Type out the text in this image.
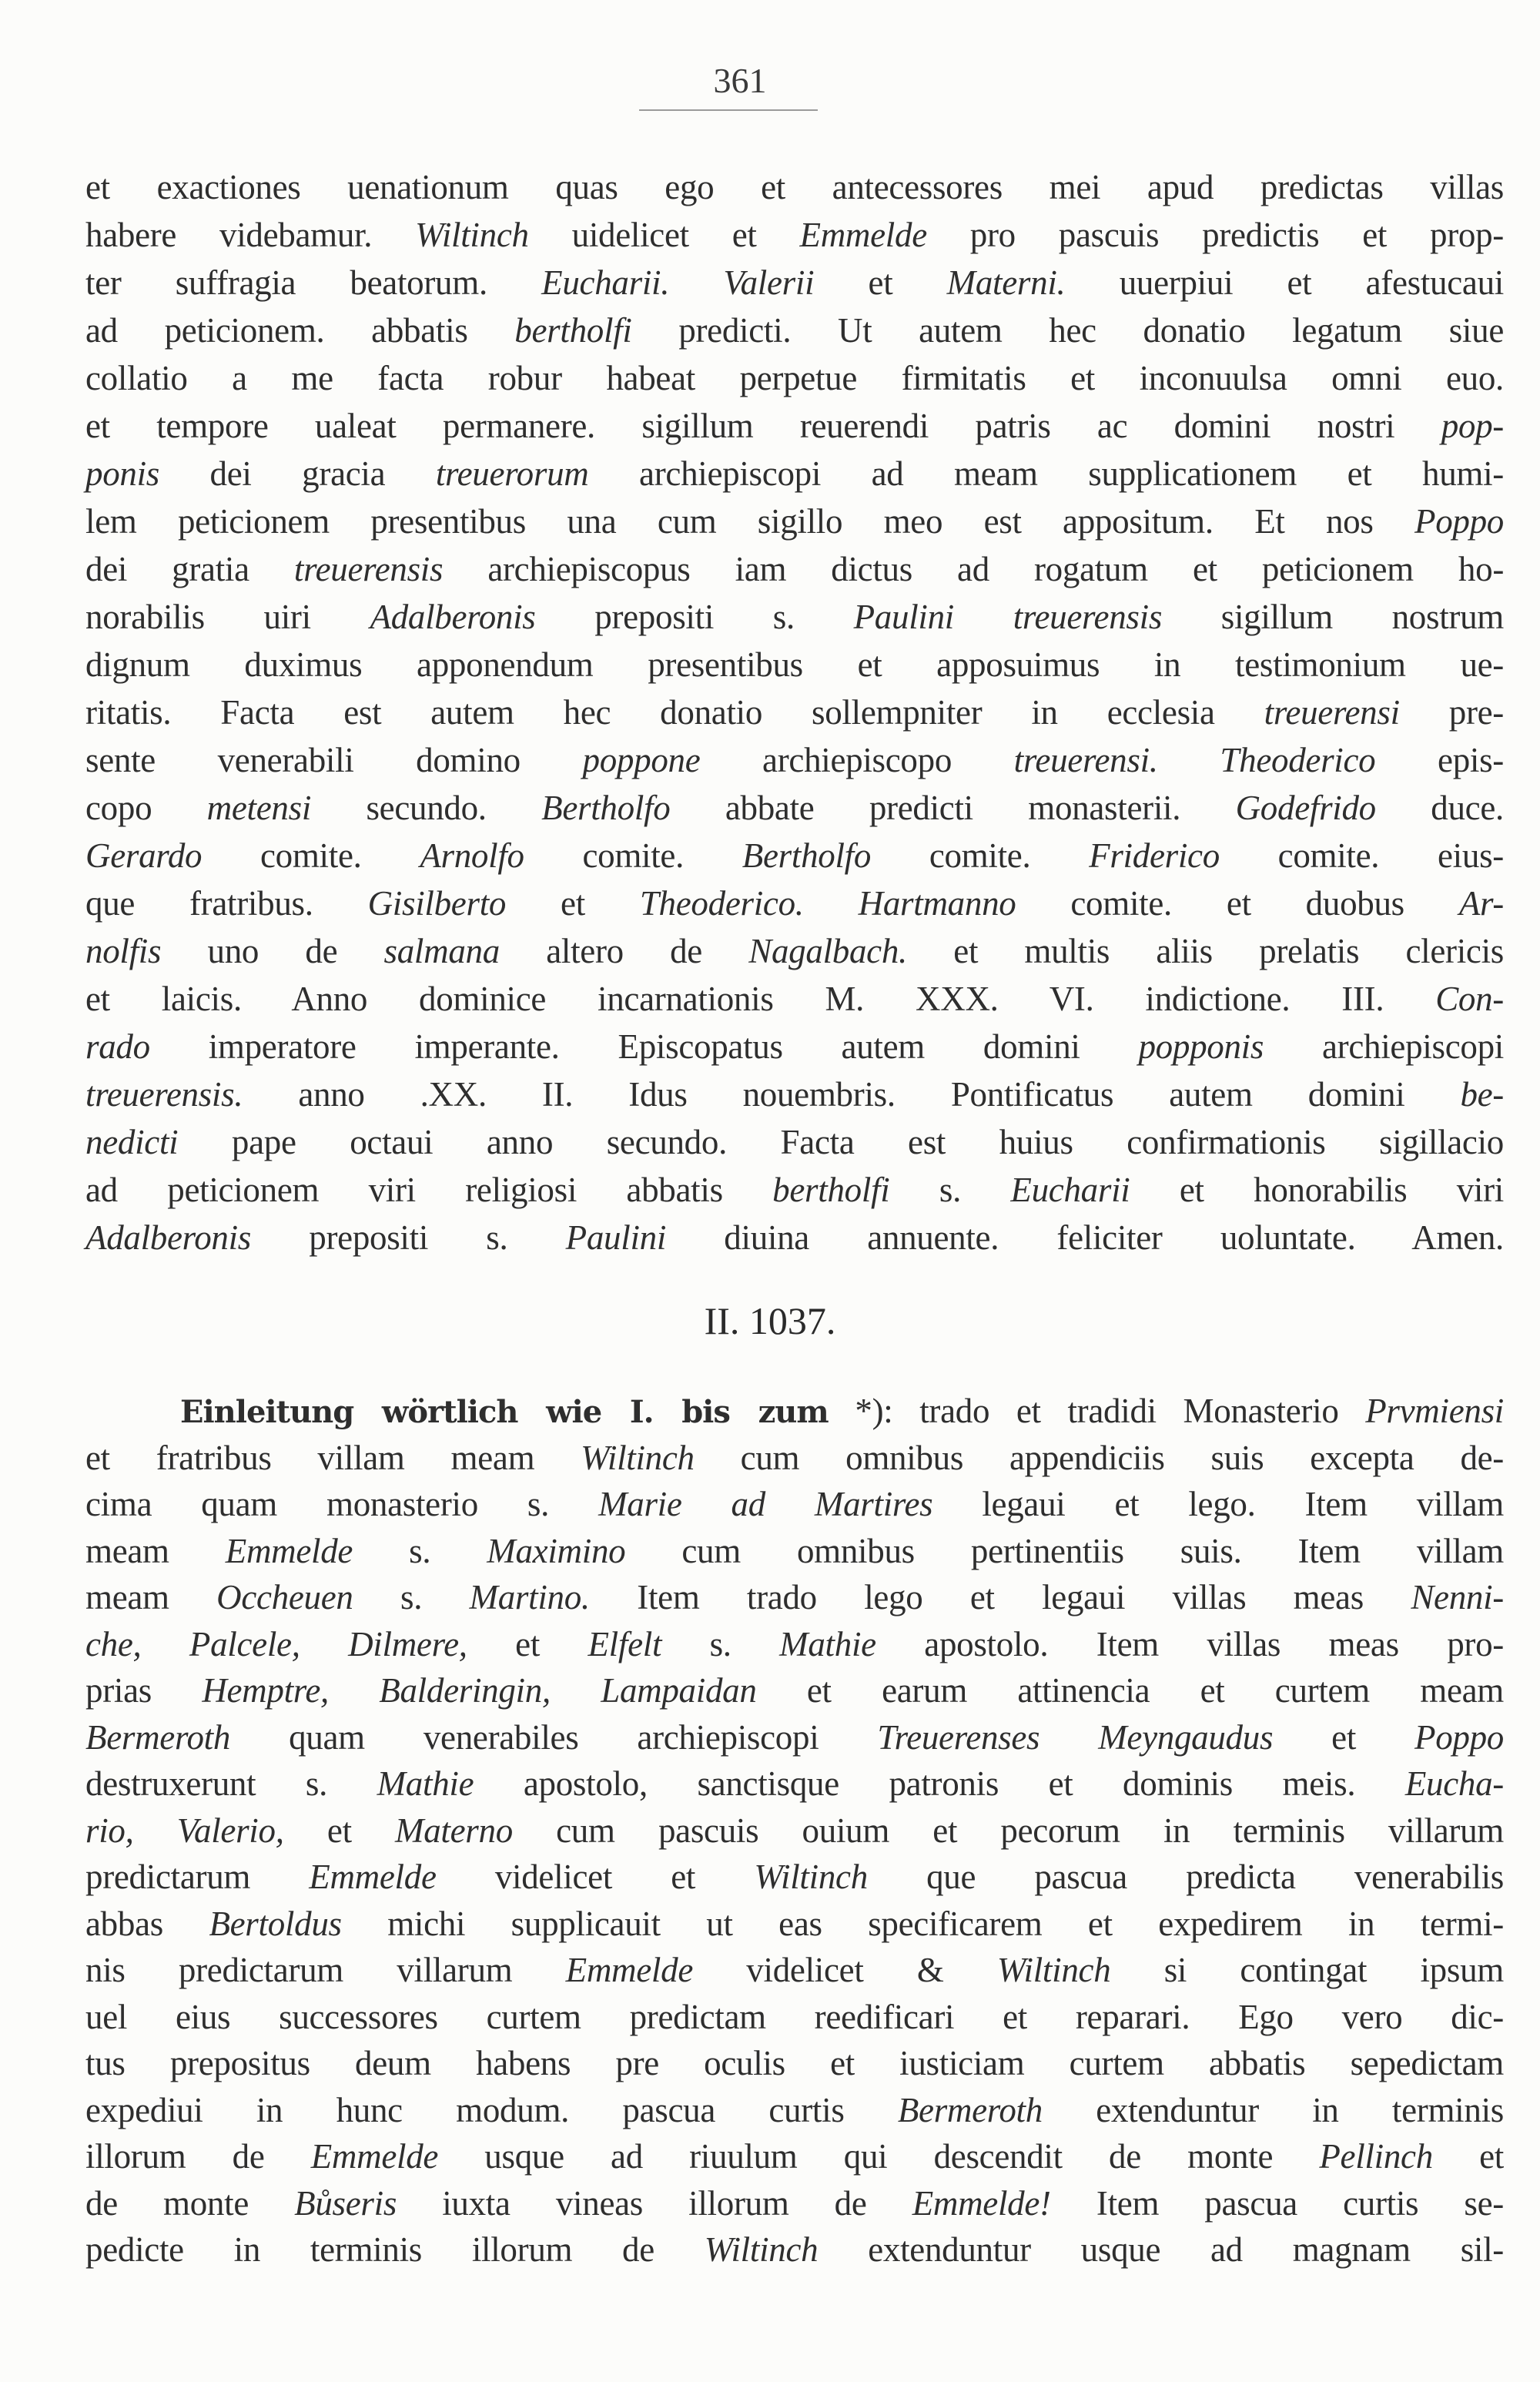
361
et exactiones uenationum quas ego et antecessores mei apud predictas villas
habere videbamur. Wiltinch uidelicet et Emmelde pro pascuis predictis et prop-
ter suffragia beatorum. Eucharii. Valerii et Materni. uuerpiui et afestucaui
ad peticionem. abbatis bertholfi predicti. Ut autem hec donatio legatum siue
collatio a me facta robur habeat perpetue firmitatis et inconuulsa omni euo.
et tempore ualeat permanere. sigillum reuerendi patris ac domini nostri pop-
ponis dei gracia treuerorum archiepiscopi ad meam supplicationem et humi-
lem peticionem presentibus una cum sigillo meo est appositum. Et nos Poppo
dei gratia treuerensis archiepiscopus iam dictus ad rogatum et peticionem ho-
norabilis uiri Adalberonis prepositi s. Paulini treuerensis sigillum nostrum
dignum duximus apponendum presentibus et apposuimus in testimonium ue-
ritatis. Facta est autem hec donatio sollempniter in ecclesia treuerensi pre-
sente venerabili domino poppone archiepiscopo treuerensi. Theoderico epis-
copo metensi secundo. Bertholfo abbate predicti monasterii. Godefrido duce.
Gerardo comite. Arnolfo comite. Bertholfo comite. Friderico comite. eius-
que fratribus. Gisilberto et Theoderico. Hartmanno comite. et duobus Ar-
nolfis uno de salmana altero de Nagalbach. et multis aliis prelatis clericis
et laicis. Anno dominice incarnationis M. XXX. VI. indictione. III. Con-
rado imperatore imperante. Episcopatus autem domini popponis archiepiscopi
treuerensis. anno .XX. II. Idus nouembris. Pontificatus autem domini be-
nedicti pape octaui anno secundo. Facta est huius confirmationis sigillacio
ad peticionem viri religiosi abbatis bertholfi s. Eucharii et honorabilis viri
Adalberonis prepositi s. Paulini diuina annuente. feliciter uoluntate. Amen.
II. 1037.
Einleitung wörtlich wie I. bis zum *): trado et tradidi Monasterio Prvmiensi
et fratribus villam meam Wiltinch cum omnibus appendiciis suis excepta de-
cima quam monasterio s. Marie ad Martires legaui et lego. Item villam
meam Emmelde s. Maximino cum omnibus pertinentiis suis. Item villam
meam Occheuen s. Martino. Item trado lego et legaui villas meas Nenni-
che, Palcele, Dilmere, et Elfelt s. Mathie apostolo. Item villas meas pro-
prias Hemptre, Balderingin, Lampaidan et earum attinencia et curtem meam
Bermeroth quam venerabiles archiepiscopi Treuerenses Meyngaudus et Poppo
destruxerunt s. Mathie apostolo, sanctisque patronis et dominis meis. Eucha-
rio, Valerio, et Materno cum pascuis ouium et pecorum in terminis villarum
predictarum Emmelde videlicet et Wiltinch que pascua predicta venerabilis
abbas Bertoldus michi supplicauit ut eas specificarem et expedirem in termi-
nis predictarum villarum Emmelde videlicet & Wiltinch si contingat ipsum
uel eius successores curtem predictam reedificari et reparari. Ego vero dic-
tus prepositus deum habens pre oculis et iusticiam curtem abbatis sepedictam
expediui in hunc modum. pascua curtis Bermeroth extenduntur in terminis
illorum de Emmelde usque ad riuulum qui descendit de monte Pellinch et
de monte Bůseris iuxta vineas illorum de Emmelde! Item pascua curtis se-
pedicte in terminis illorum de Wiltinch extenduntur usque ad magnam sil-
